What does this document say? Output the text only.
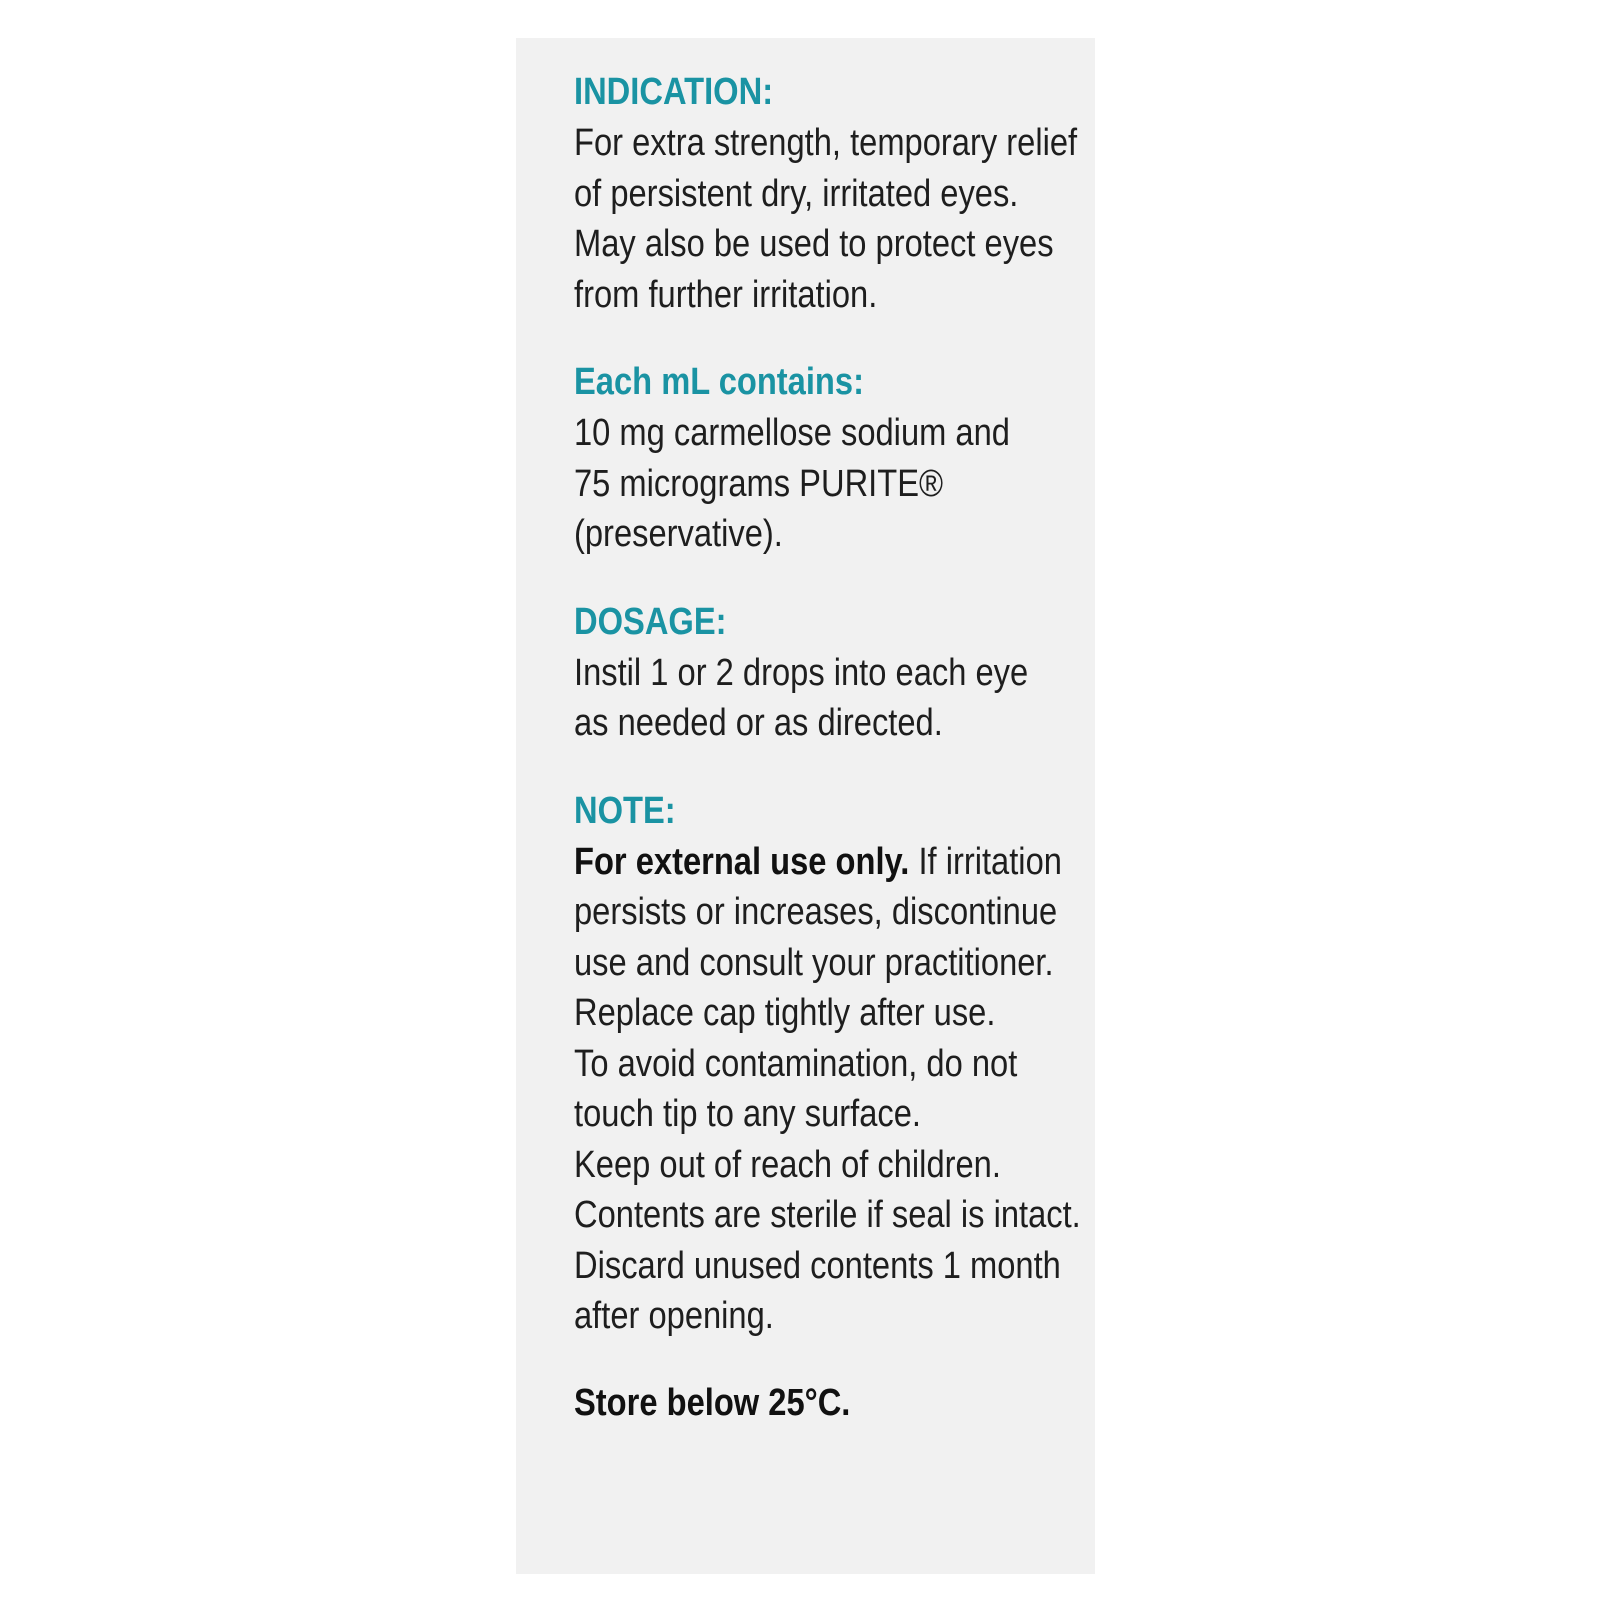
INDICATION:

For extra strength, temporary relief

of persistent dry, irritated eyes.

May also be used to protect eyes

from further irritation.

Each mL contains:

10 mg carmellose sodium and

75 micrograms PURITE®

(preservative).

DOSAGE:

Instil 1 or 2 drops into each eye

as needed or as directed.

NOTE:

For external use only. If irritation

persists or increases, discontinue

use and consult your practitioner.

Replace cap tightly after use.

To avoid contamination, do not

touch tip to any surface.

Keep out of reach of children.

Contents are sterile if seal is intact.

Discard unused contents 1 month

after opening.

Store below 25°C.
